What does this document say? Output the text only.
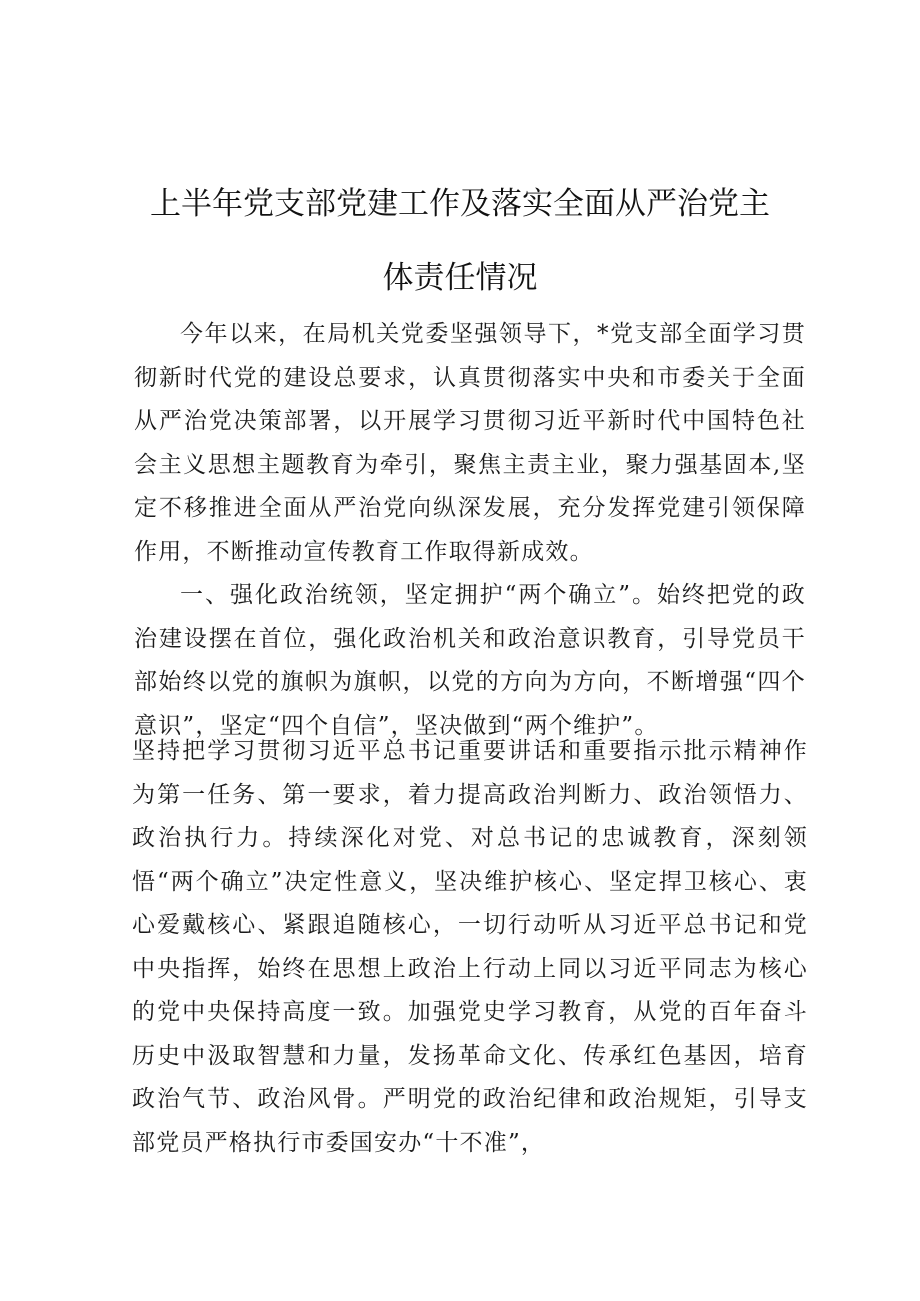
上半年党支部党建工作及落实全面从严治党主
体责任情况

今年以来，在局机关党委坚强领导下，*党支部全面学习贯彻新时代党的建设总要求，认真贯彻落实中央和市委关于全面从严治党决策部署，以开展学习贯彻习近平新时代中国特色社会主义思想主题教育为牵引，聚焦主责主业，聚力强基固本,坚定不移推进全面从严治党向纵深发展，充分发挥党建引领保障作用，不断推动宣传教育工作取得新成效。

一、强化政治统领，坚定拥护“两个确立”。始终把党的政治建设摆在首位，强化政治机关和政治意识教育，引导党员干部始终以党的旗帜为旗帜，以党的方向为方向，不断增强“四个意识”，坚定“四个自信”，坚决做到“两个维护”。

坚持把学习贯彻习近平总书记重要讲话和重要指示批示精神作为第一任务、第一要求，着力提高政治判断力、政治领悟力、政治执行力。持续深化对党、对总书记的忠诚教育，深刻领悟“两个确立”决定性意义，坚决维护核心、坚定捍卫核心、衷心爱戴核心、紧跟追随核心，一切行动听从习近平总书记和党中央指挥，始终在思想上政治上行动上同以习近平同志为核心的党中央保持高度一致。加强党史学习教育，从党的百年奋斗历史中汲取智慧和力量，发扬革命文化、传承红色基因，培育政治气节、政治风骨。严明党的政治纪律和政治规矩，引导支部党员严格执行市委国安办“十不准”，
